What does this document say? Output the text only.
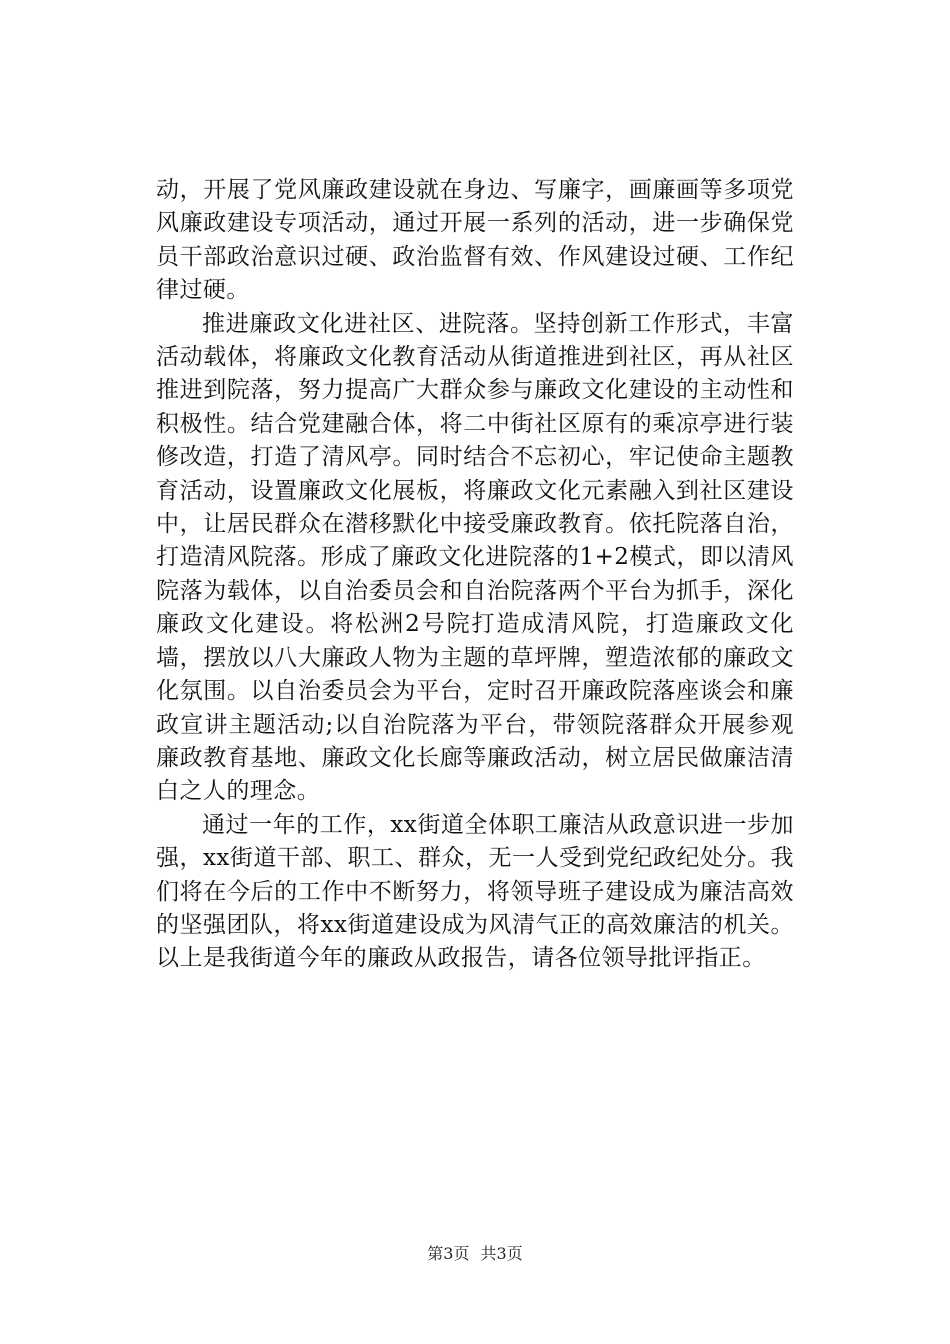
动，开展了党风廉政建设就在身边、写廉字，画廉画等多项党风廉政建设专项活动，通过开展一系列的活动，进一步确保党员干部政治意识过硬、政治监督有效、作风建设过硬、工作纪律过硬。

推进廉政文化进社区、进院落。坚持创新工作形式，丰富活动载体，将廉政文化教育活动从街道推进到社区，再从社区推进到院落，努力提高广大群众参与廉政文化建设的主动性和积极性。结合党建融合体，将二中街社区原有的乘凉亭进行装修改造，打造了清风亭。同时结合不忘初心，牢记使命主题教育活动，设置廉政文化展板，将廉政文化元素融入到社区建设中，让居民群众在潜移默化中接受廉政教育。依托院落自治，打造清风院落。形成了廉政文化进院落的1+2模式，即以清风院落为载体，以自治委员会和自治院落两个平台为抓手，深化廉政文化建设。将松洲2号院打造成清风院，打造廉政文化墙，摆放以八大廉政人物为主题的草坪牌，塑造浓郁的廉政文化氛围。以自治委员会为平台，定时召开廉政院落座谈会和廉政宣讲主题活动;以自治院落为平台，带领院落群众开展参观廉政教育基地、廉政文化长廊等廉政活动，树立居民做廉洁清白之人的理念。

通过一年的工作，xx街道全体职工廉洁从政意识进一步加强，xx街道干部、职工、群众，无一人受到党纪政纪处分。我们将在今后的工作中不断努力，将领导班子建设成为廉洁高效的坚强团队，将xx街道建设成为风清气正的高效廉洁的机关。以上是我街道今年的廉政从政报告，请各位领导批评指正。

第3页 共3页
